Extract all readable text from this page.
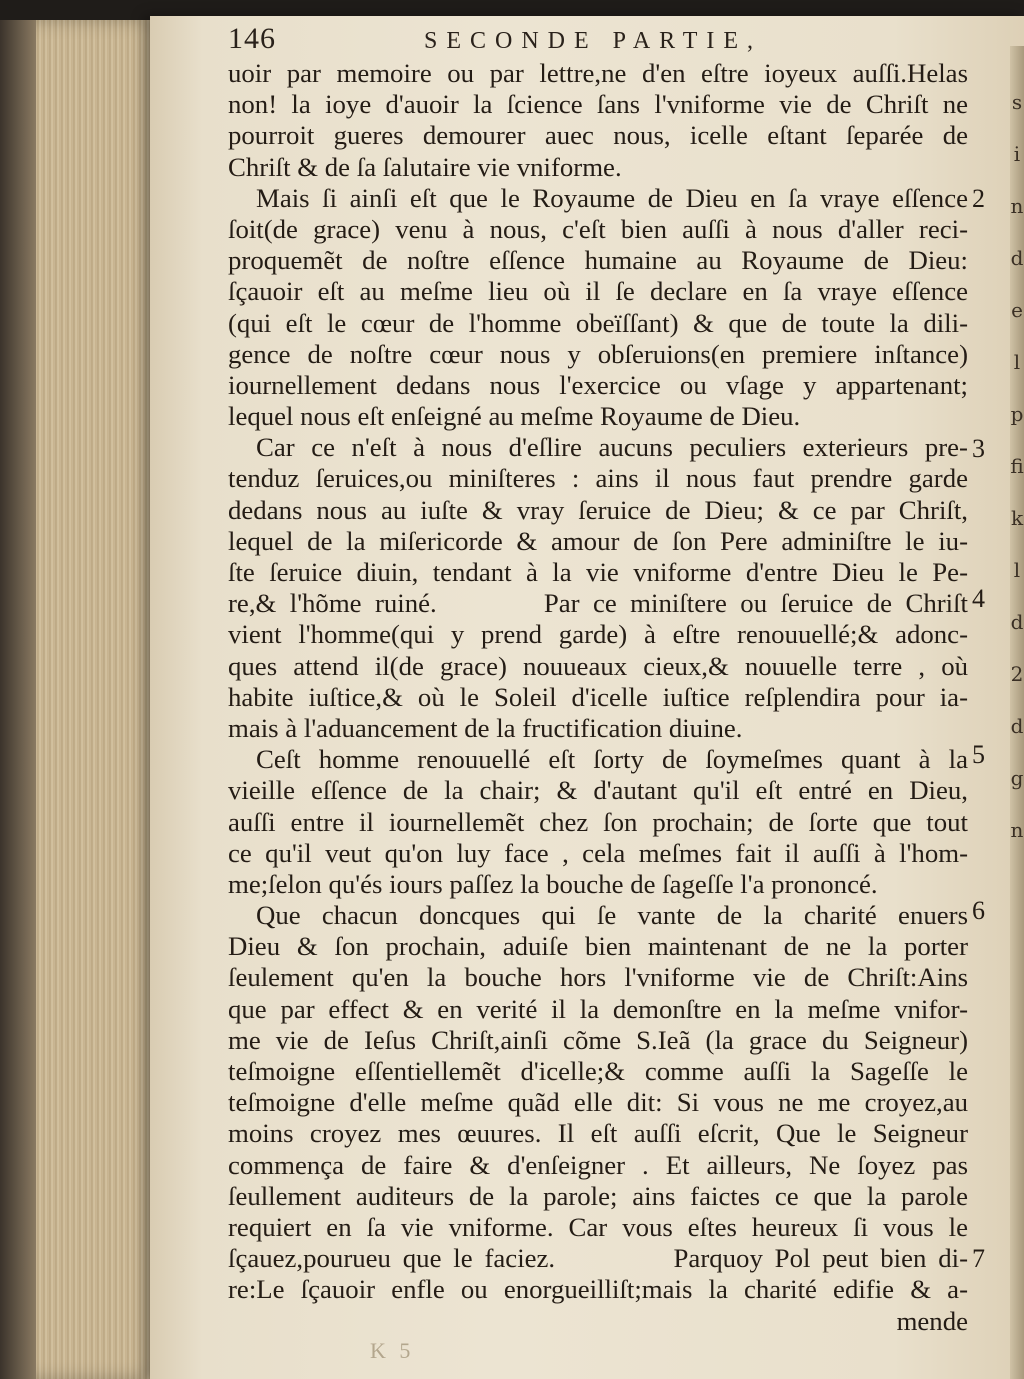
s
i
n
d
e
l
p
fi
k
l
d
2
d
g
n
146	SECONDE PARTIE,
uoir par memoire ou par lettre,ne d'en eſtre ioyeux auſſi.Helas
non! la ioye d'auoir la ſcience ſans l'vniforme vie de Chriſt ne
pourroit gueres demourer auec nous, icelle eſtant ſeparée de
Chriſt & de ſa ſalutaire vie vniforme.
Mais ſi ainſi eſt que le Royaume de Dieu en ſa vraye eſſence
ſoit(de grace) venu à nous, c'eſt bien auſſi à nous d'aller reci-
proquemẽt de noſtre eſſence humaine au Royaume de Dieu:
ſçauoir eſt au meſme lieu où il ſe declare en ſa vraye eſſence
(qui eſt le cœur de l'homme obeïſſant) & que de toute la dili-
gence de noſtre cœur nous y obſeruions(en premiere inſtance)
iournellement dedans nous l'exercice ou vſage y appartenant;
lequel nous eſt enſeigné au meſme Royaume de Dieu.
Car ce n'eſt à nous d'eſlire aucuns peculiers exterieurs pre-
tenduz ſeruices,ou miniſteres : ains il nous faut prendre garde
dedans nous au iuſte & vray ſeruice de Dieu; & ce par Chriſt,
lequel de la miſericorde & amour de ſon Pere adminiſtre le iu-
ſte ſeruice diuin, tendant à la vie vniforme d'entre Dieu le Pe-
re,& l'hõme ruiné.        Par ce miniſtere ou ſeruice de Chriſt
vient l'homme(qui y prend garde) à eſtre renouuellé;& adonc-
ques attend il(de grace) nouueaux cieux,& nouuelle terre , où
habite iuſtice,& où le Soleil d'icelle iuſtice reſplendira pour ia-
mais à l'aduancement de la fructification diuine.
Ceſt homme renouuellé eſt ſorty de ſoymeſmes quant à la
vieille eſſence de la chair; & d'autant qu'il eſt entré en Dieu,
auſſi entre il iournellemẽt chez ſon prochain; de ſorte que tout
ce qu'il veut qu'on luy face , cela meſmes fait il auſſi à l'hom-
me;ſelon qu'és iours paſſez la bouche de ſageſſe l'a prononcé.
Que chacun doncques qui ſe vante de la charité enuers
Dieu & ſon prochain, aduiſe bien maintenant de ne la porter
ſeulement qu'en la bouche hors l'vniforme vie de Chriſt:Ains
que par effect & en verité il la demonſtre en la meſme vnifor-
me vie de Ieſus Chriſt,ainſi cõme S.Ieã (la grace du Seigneur)
teſmoigne eſſentiellemẽt d'icelle;& comme auſſi la Sageſſe le
teſmoigne d'elle meſme quãd elle dit: Si vous ne me croyez,au
moins croyez mes œuures. Il eſt auſſi eſcrit, Que le Seigneur
commença de faire & d'enſeigner . Et ailleurs, Ne ſoyez pas
ſeullement auditeurs de la parole; ains faictes ce que la parole
requiert en ſa vie vniforme. Car vous eſtes heureux ſi vous le
ſçauez,pourueu que le faciez.          Parquoy Pol peut bien di-
re:Le ſçauoir enfle ou enorgueilliſt;mais la charité edifie & a-
mende
2
3
4
5
6
7
K 5
